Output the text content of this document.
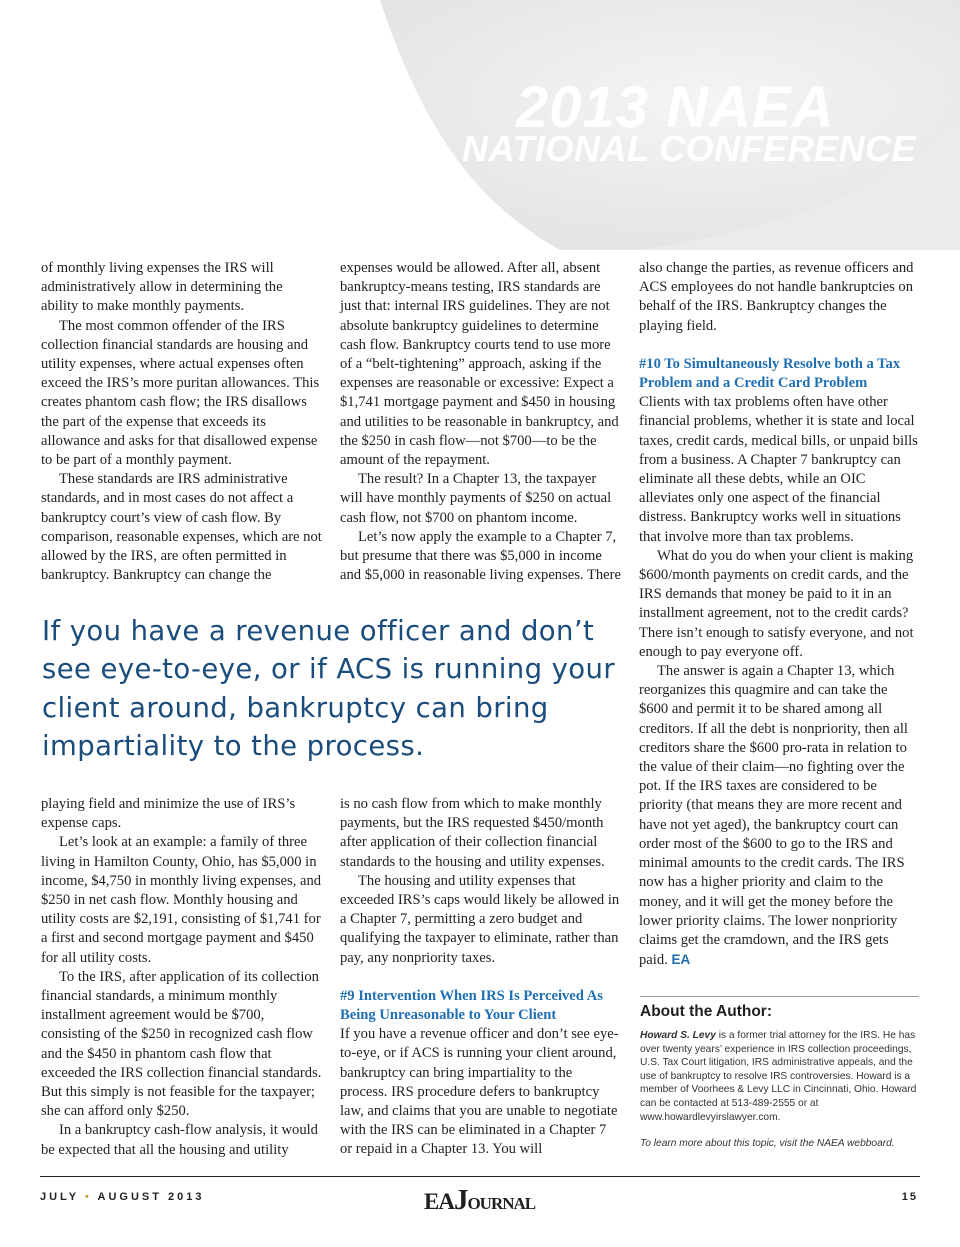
2013 NAEA
NATIONAL CONFERENCE

of monthly living expenses the IRS will administratively allow in determining the ability to make monthly payments.

The most common offender of the IRS collection financial standards are housing and utility expenses, where actual expenses often exceed the IRS’s more puritan allowances. This creates phantom cash flow; the IRS disallows the part of the expense that exceeds its allowance and asks for that disallowed expense to be part of a monthly payment.

These standards are IRS administrative standards, and in most cases do not affect a bankruptcy court’s view of cash flow. By comparison, reasonable expenses, which are not allowed by the IRS, are often permitted in bankruptcy. Bankruptcy can change the

expenses would be allowed. After all, absent bankruptcy-means testing, IRS standards are just that: internal IRS guidelines. They are not absolute bankruptcy guidelines to determine cash flow. Bankruptcy courts tend to use more of a “belt-tightening” approach, asking if the expenses are reasonable or excessive: Expect a $1,741 mortgage payment and $450 in housing and utilities to be reasonable in bankruptcy, and the $250 in cash flow—not $700—to be the amount of the repayment.

The result? In a Chapter 13, the taxpayer will have monthly payments of $250 on actual cash flow, not $700 on phantom income.

Let’s now apply the example to a Chapter 7, but presume that there was $5,000 in income and $5,000 in reasonable living expenses. There

If you have a revenue officer and don’t see eye-to-eye, or if ACS is running your client around, bankruptcy can bring impartiality to the process.

playing field and minimize the use of IRS’s expense caps.

Let’s look at an example: a family of three living in Hamilton County, Ohio, has $5,000 in income, $4,750 in monthly living expenses, and $250 in net cash flow. Monthly housing and utility costs are $2,191, consisting of $1,741 for a first and second mortgage payment and $450 for all utility costs.

To the IRS, after application of its collection financial standards, a minimum monthly installment agreement would be $700, consisting of the $250 in recognized cash flow and the $450 in phantom cash flow that exceeded the IRS collection financial standards. But this simply is not feasible for the taxpayer; she can afford only $250.

In a bankruptcy cash-flow analysis, it would be expected that all the housing and utility

is no cash flow from which to make monthly payments, but the IRS requested $450/month after application of their collection financial standards to the housing and utility expenses.

The housing and utility expenses that exceeded IRS’s caps would likely be allowed in a Chapter 7, permitting a zero budget and qualifying the taxpayer to eliminate, rather than pay, any nonpriority taxes.

#9 Intervention When IRS Is Perceived As Being Unreasonable to Your Client

If you have a revenue officer and don’t see eye-to-eye, or if ACS is running your client around, bankruptcy can bring impartiality to the process. IRS procedure defers to bankruptcy law, and claims that you are unable to negotiate with the IRS can be eliminated in a Chapter 7 or repaid in a Chapter 13. You will

also change the parties, as revenue officers and ACS employees do not handle bankruptcies on behalf of the IRS. Bankruptcy changes the playing field.

#10 To Simultaneously Resolve both a Tax Problem and a Credit Card Problem

Clients with tax problems often have other financial problems, whether it is state and local taxes, credit cards, medical bills, or unpaid bills from a business. A Chapter 7 bankruptcy can eliminate all these debts, while an OIC alleviates only one aspect of the financial distress. Bankruptcy works well in situations that involve more than tax problems.

What do you do when your client is making $600/month payments on credit cards, and the IRS demands that money be paid to it in an installment agreement, not to the credit cards? There isn’t enough to satisfy everyone, and not enough to pay everyone off.

The answer is again a Chapter 13, which reorganizes this quagmire and can take the $600 and permit it to be shared among all creditors. If all the debt is nonpriority, then all creditors share the $600 pro-rata in relation to the value of their claim—no fighting over the pot. If the IRS taxes are considered to be priority (that means they are more recent and have not yet aged), the bankruptcy court can order most of the $600 to go to the IRS and minimal amounts to the credit cards. The IRS now has a higher priority and claim to the money, and it will get the money before the lower priority claims. The lower nonpriority claims get the cramdown, and the IRS gets paid. EA

About the Author:

Howard S. Levy is a former trial attorney for the IRS. He has over twenty years’ experience in IRS collection proceedings, U.S. Tax Court litigation, IRS administrative appeals, and the use of bankruptcy to resolve IRS controversies. Howard is a member of Voorhees & Levy LLC in Cincinnati, Ohio. Howard can be contacted at 513-489-2555 or at www.howardlevyirslawyer.com.

To learn more about this topic, visit the NAEA webboard.

JULY • AUGUST 2013	EAJOURNAL	15
